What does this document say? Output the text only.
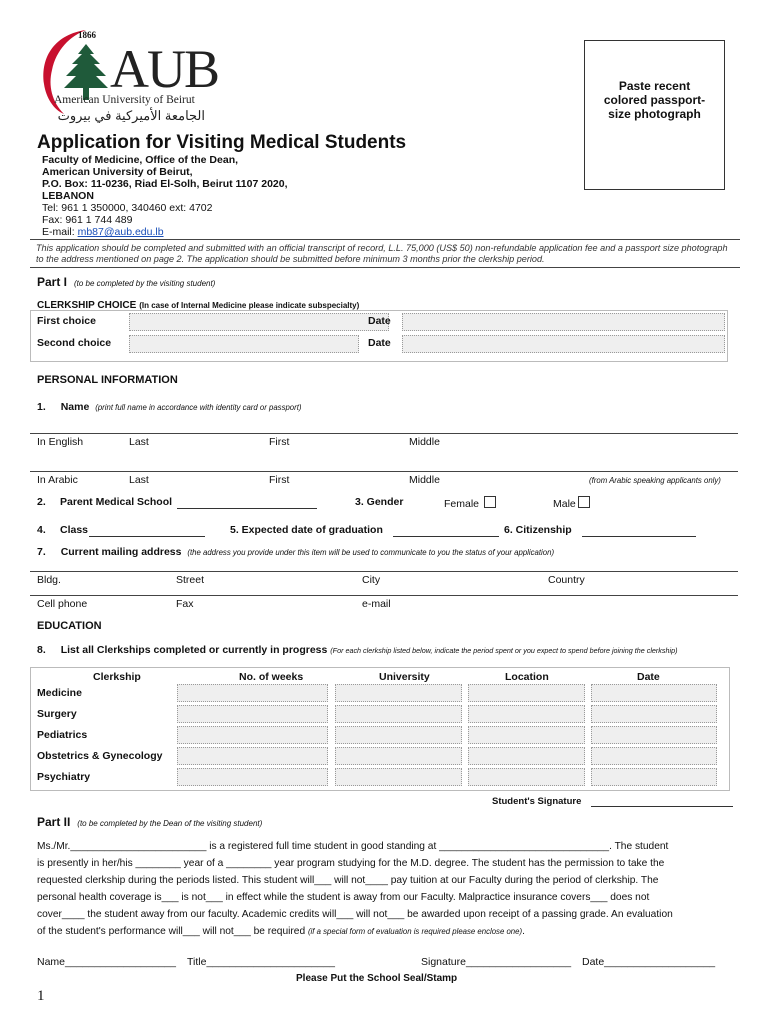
1866
AUB
American University of Beirut
الجامعة الأميركية في بيروت
Paste recent colored passport-size photograph
Application for Visiting Medical Students
Faculty of Medicine, Office of the Dean,
American University of Beirut,
P.O. Box: 11-0236, Riad El-Solh, Beirut 1107 2020,
LEBANON
Tel: 961 1 350000, 340460 ext: 4702
Fax: 961 1 744 489
E-mail: mb87@aub.edu.lb
This application should be completed and submitted with an official transcript of record, L.L. 75,000 (US$ 50) non-refundable application fee and a passport size photograph
to the address mentioned on page 2. The application should be submitted before minimum 3 months prior the clerkship period.
Part I (to be completed by the visiting student)
CLERKSHIP CHOICE (In case of Internal Medicine please indicate subspecialty)
First choice	Date
Second choice	Date
PERSONAL INFORMATION
1. Name (print full name in accordance with identity card or passport)
In English	Last	First	Middle
In Arabic	Last	First	Middle	(from Arabic speaking applicants only)
2. Parent Medical School	3. Gender	Female	Male
4. Class	5. Expected date of graduation	6. Citizenship
7. Current mailing address (the address you provide under this item will be used to communicate to you the status of your application)
Bldg.	Street	City	Country
Cell phone	Fax	e-mail
EDUCATION
8. List all Clerkships completed or currently in progress (For each clerkship listed below, indicate the period spent or you expect to spend before joining the clerkship)
Clerkship	No. of weeks	University	Location	Date
Medicine
Surgery
Pediatrics
Obstetrics & Gynecology
Psychiatry
Student's Signature
Part II (to be completed by the Dean of the visiting student)
Ms./Mr.________________________ is a registered full time student in good standing at ______________________________. The student
is presently in her/his ________ year of a ________ year program studying for the M.D. degree. The student has the permission to take the
requested clerkship during the periods listed. This student will___ will not____ pay tuition at our Faculty during the period of clerkship. The
personal health coverage is___ is not___ in effect while the student is away from our Faculty. Malpractice insurance covers___ does not
cover____ the student away from our faculty. Academic credits will___ will not___ be awarded upon receipt of a passing grade. An evaluation
of the student's performance will___ will not___ be required (if a special form of evaluation is required please enclose one).
Name___________________ Title______________________	Signature__________________ Date___________________
Please Put the School Seal/Stamp
1
